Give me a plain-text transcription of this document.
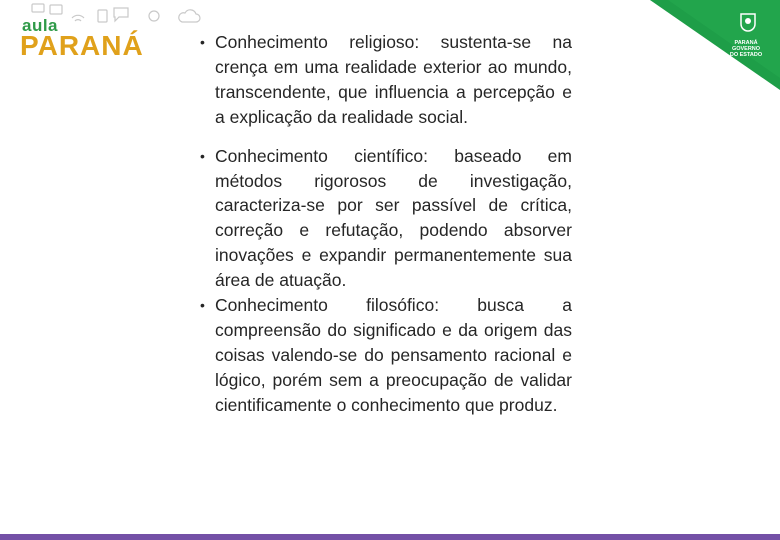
aula
PARANÁ	PARANÁ
GOVERNO
DO ESTADO
• Conhecimento religioso: sustenta-se na crença em uma realidade exterior ao mundo, transcendente, que influencia a percepção e a explicação da realidade social.
• Conhecimento científico: baseado em métodos rigorosos de investigação, caracteriza-se por ser passível de crítica, correção e refutação, podendo absorver inovações e expandir permanentemente sua área de atuação.
• Conhecimento filosófico: busca a compreensão do significado e da origem das coisas valendo-se do pensamento racional e lógico, porém sem a preocupação de validar cientificamente o conhecimento que produz.
